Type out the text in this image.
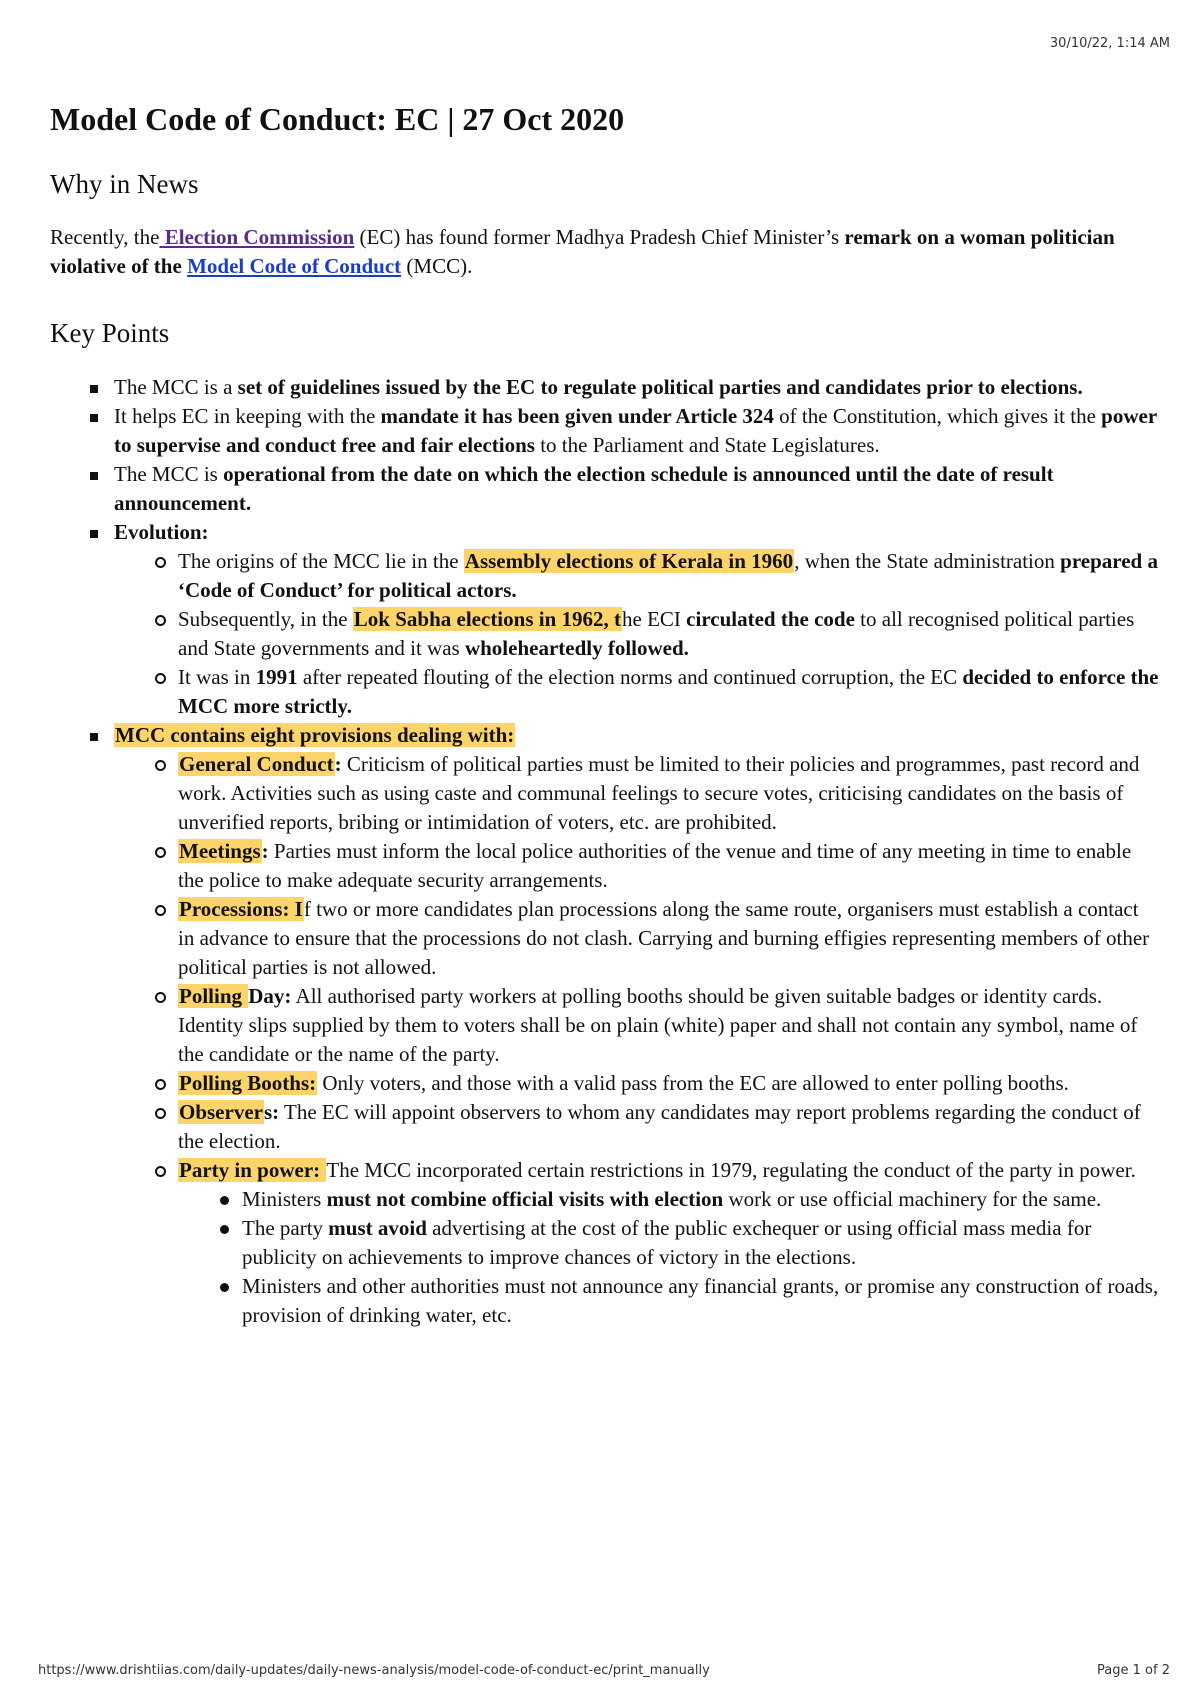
30/10/22, 1:14 AM
Model Code of Conduct: EC | 27 Oct 2020
Why in News

Recently, the Election Commission (EC) has found former Madhya Pradesh Chief Minister’s remark on a woman politician violative of the Model Code of Conduct (MCC).

Key Points
The MCC is a set of guidelines issued by the EC to regulate political parties and candidates prior to elections.
It helps EC in keeping with the mandate it has been given under Article 324 of the Constitution, which gives it the power to supervise and conduct free and fair elections to the Parliament and State Legislatures.
The MCC is operational from the date on which the election schedule is announced until the date of result announcement.
Evolution:
The origins of the MCC lie in the Assembly elections of Kerala in 1960, when the State administration prepared a ‘Code of Conduct’ for political actors.
Subsequently, in the Lok Sabha elections in 1962, the ECI circulated the code to all recognised political parties and State governments and it was wholeheartedly followed.
It was in 1991 after repeated flouting of the election norms and continued corruption, the EC decided to enforce the MCC more strictly.
MCC contains eight provisions dealing with:
General Conduct: Criticism of political parties must be limited to their policies and programmes, past record and work. Activities such as using caste and communal feelings to secure votes, criticising candidates on the basis of unverified reports, bribing or intimidation of voters, etc. are prohibited.
Meetings: Parties must inform the local police authorities of the venue and time of any meeting in time to enable the police to make adequate security arrangements.
Processions: If two or more candidates plan processions along the same route, organisers must establish a contact in advance to ensure that the processions do not clash. Carrying and burning effigies representing members of other political parties is not allowed.
Polling Day: All authorised party workers at polling booths should be given suitable badges or identity cards. Identity slips supplied by them to voters shall be on plain (white) paper and shall not contain any symbol, name of the candidate or the name of the party.
Polling Booths: Only voters, and those with a valid pass from the EC are allowed to enter polling booths.
Observers: The EC will appoint observers to whom any candidates may report problems regarding the conduct of the election.
Party in power: The MCC incorporated certain restrictions in 1979, regulating the conduct of the party in power.
Ministers must not combine official visits with election work or use official machinery for the same.
The party must avoid advertising at the cost of the public exchequer or using official mass media for publicity on achievements to improve chances of victory in the elections.
Ministers and other authorities must not announce any financial grants, or promise any construction of roads, provision of drinking water, etc.
https://www.drishtiias.com/daily-updates/daily-news-analysis/model-code-of-conduct-ec/print_manually	Page 1 of 2
